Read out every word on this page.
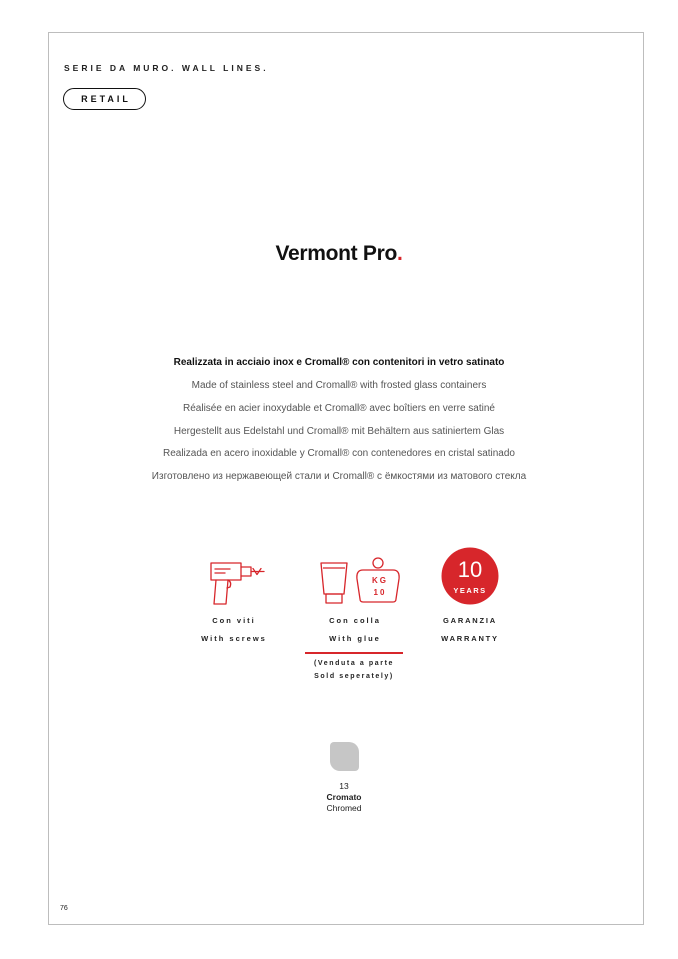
SERIE DA MURO. WALL LINES.
RETAIL
Vermont Pro.
Realizzata in acciaio inox e Cromall® con contenitori in vetro satinato
Made of stainless steel and Cromall® with frosted glass containers
Réalisée en acier inoxydable et Cromall® avec boîtiers en verre satiné
Hergestellt aus Edelstahl und Cromall® mit Behältern aus satiniertem Glas
Realizada en acero inoxidable y Cromall® con contenedores en cristal satinado
Изготовлено из нержавеющей стали и Cromall® с ёмкостями из матового стекла
KG
10
10
YEARS
Con viti
With screws
Con colla
With glue
GARANZIA
WARRANTY
(Venduta a parte
Sold seperately)
13
Cromato
Chromed
76
